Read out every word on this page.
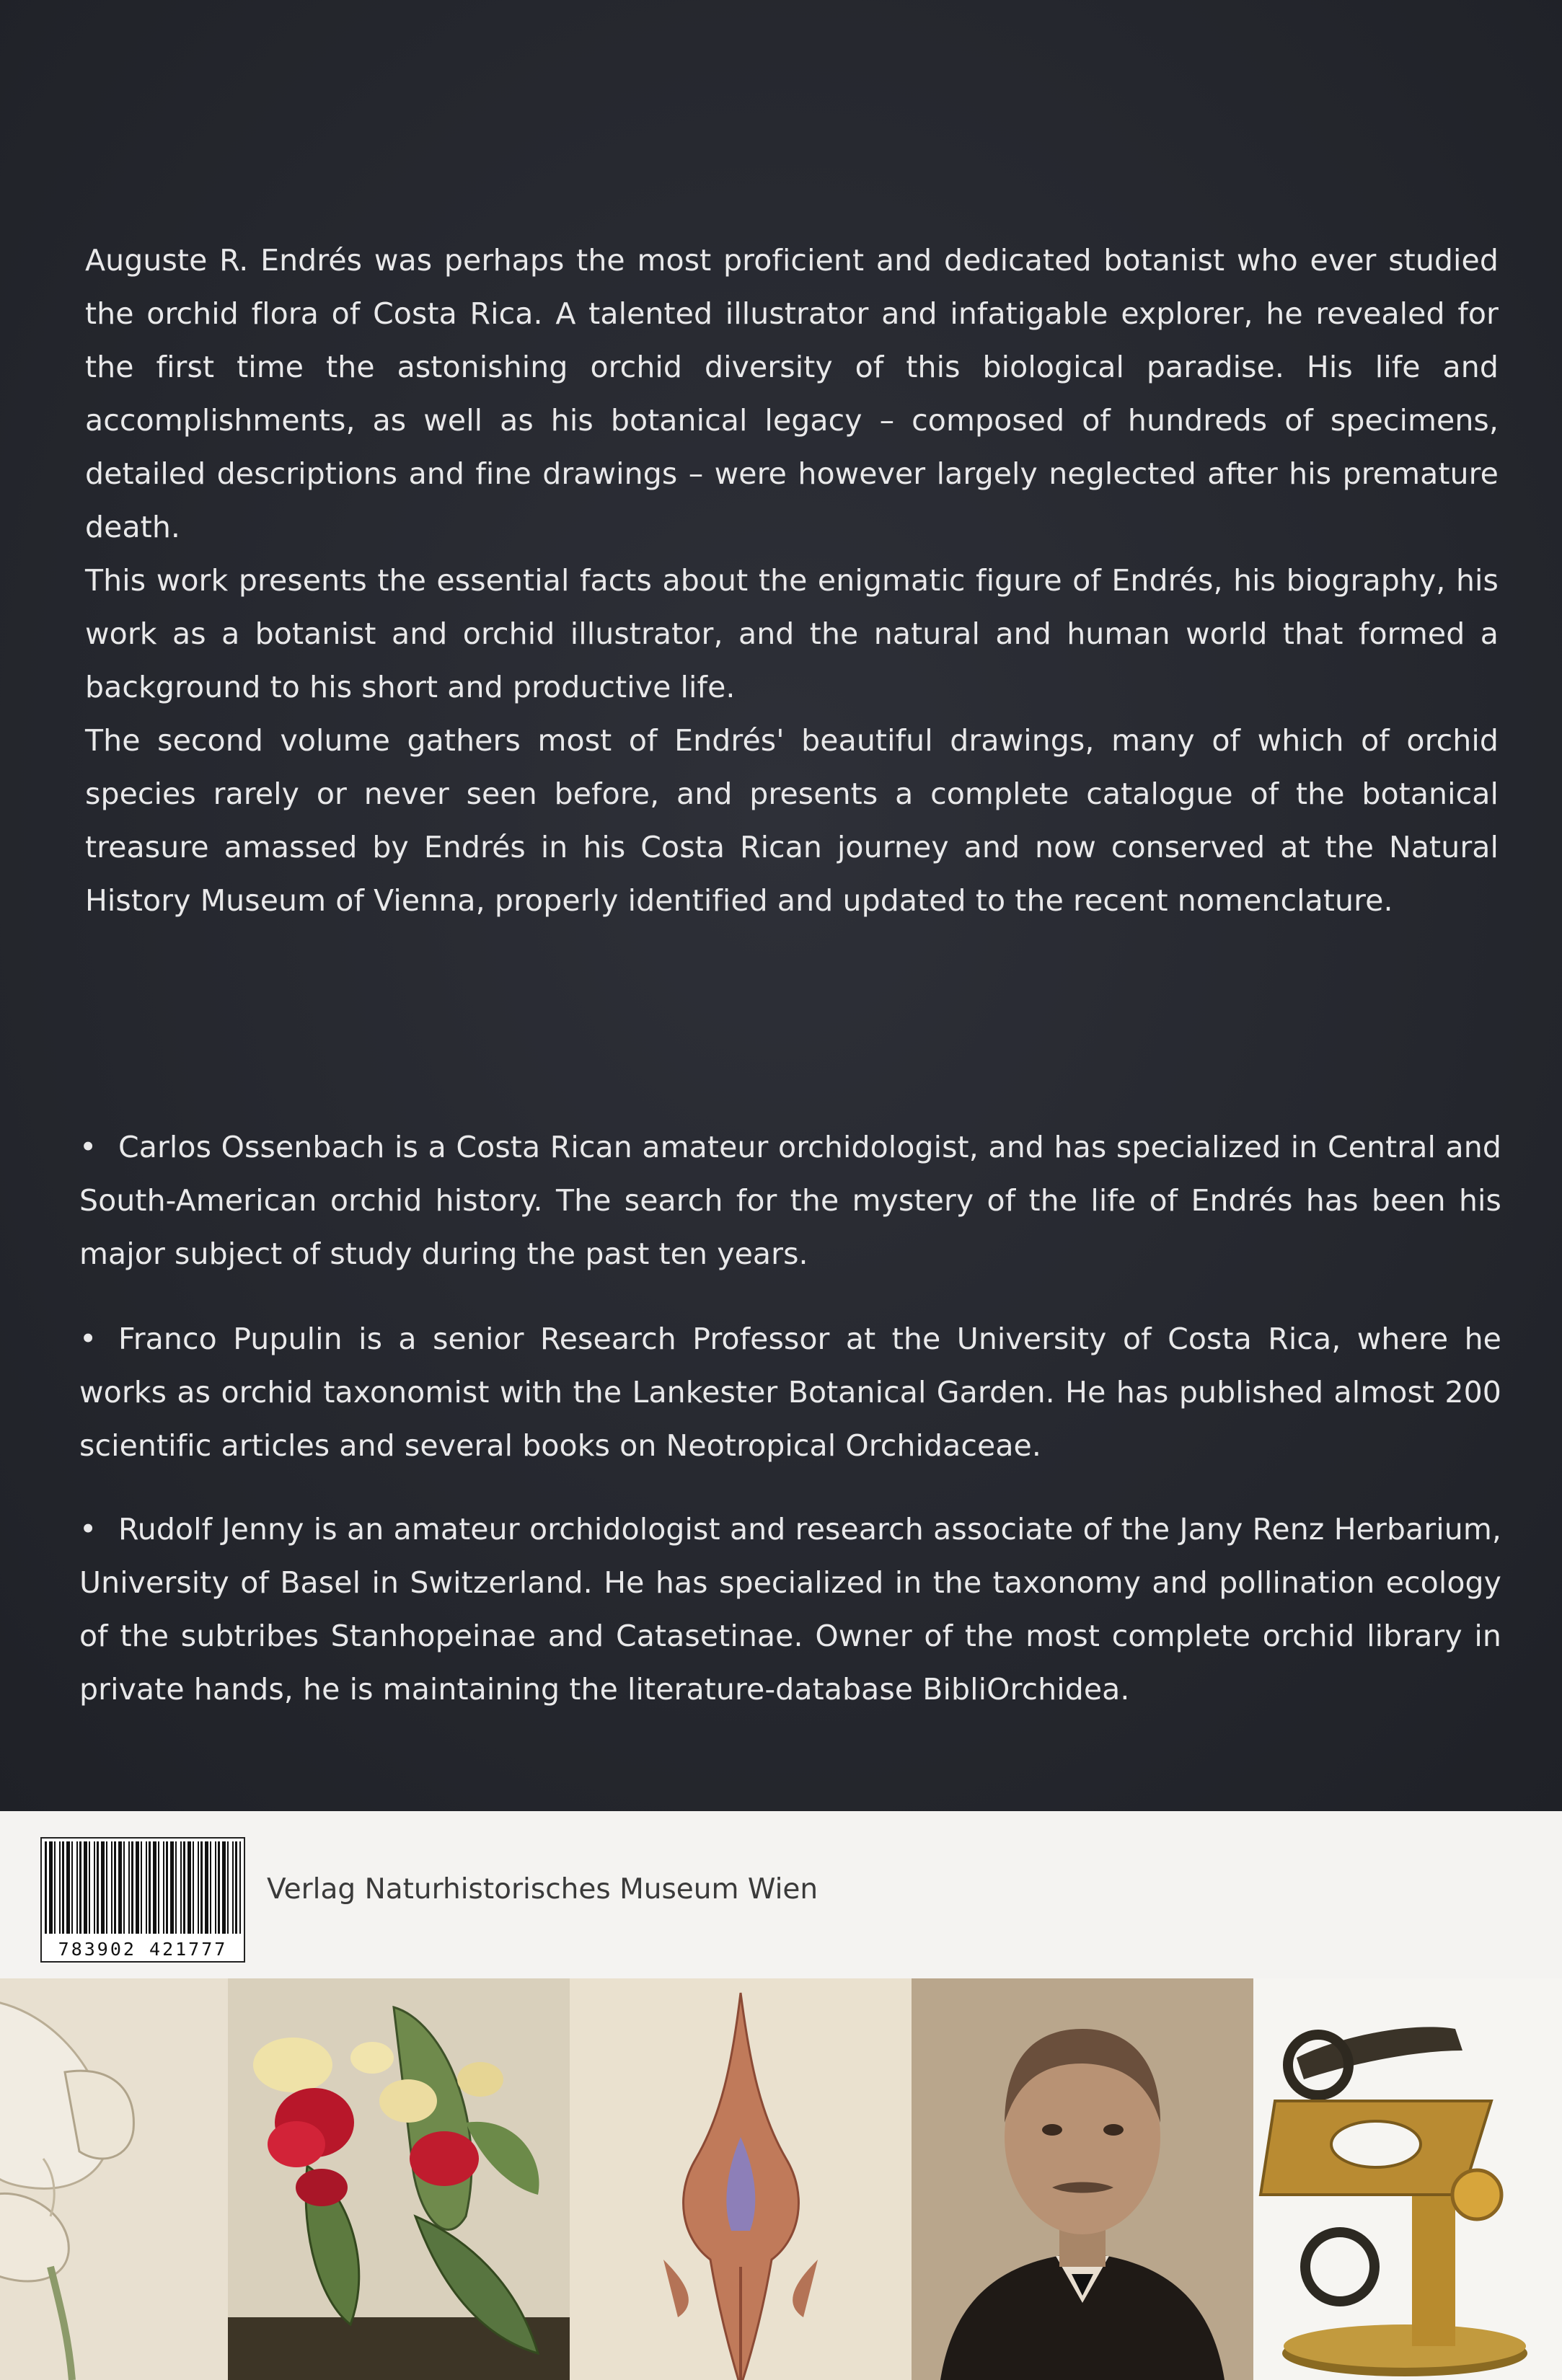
Auguste R. Endrés was perhaps the most proficient and dedicated botanist who ever studied the orchid flora of Costa Rica. A talented illustrator and infatigable explorer, he revealed for the first time the astonishing orchid diversity of this biological paradise. His life and accomplishments, as well as his botanical legacy – composed of hundreds of specimens, detailed descriptions and fine drawings – were however largely neglected after his premature death.

This work presents the essential facts about the enigmatic figure of Endrés, his biography, his work as a botanist and orchid illustrator, and the natural and human world that formed a background to his short and productive life.

The second volume gathers most of Endrés' beautiful drawings, many of which of orchid species rarely or never seen before, and presents a complete catalogue of the botanical treasure amassed by Endrés in his Costa Rican journey and now conserved at the Natural History Museum of Vienna, properly identified and updated to the recent nomenclature.

• Carlos Ossenbach is a Costa Rican amateur orchidologist, and has specialized in Central and South-American orchid history. The search for the mystery of the life of Endrés has been his major subject of study during the past ten years.

• Franco Pupulin is a senior Research Professor at the University of Costa Rica, where he works as orchid taxonomist with the Lankester Botanical Garden. He has published almost 200 scientific articles and several books on Neotropical Orchidaceae.

• Rudolf Jenny is an amateur orchidologist and research associate of the Jany Renz Herbarium, University of Basel in Switzerland. He has specialized in the taxonomy and pollination ecology of the subtribes Stanhopeinae and Catasetinae. Owner of the most complete orchid library in private hands, he is maintaining the literature-database BibliOrchidea.

783902 421777
Verlag Naturhistorisches Museum Wien
